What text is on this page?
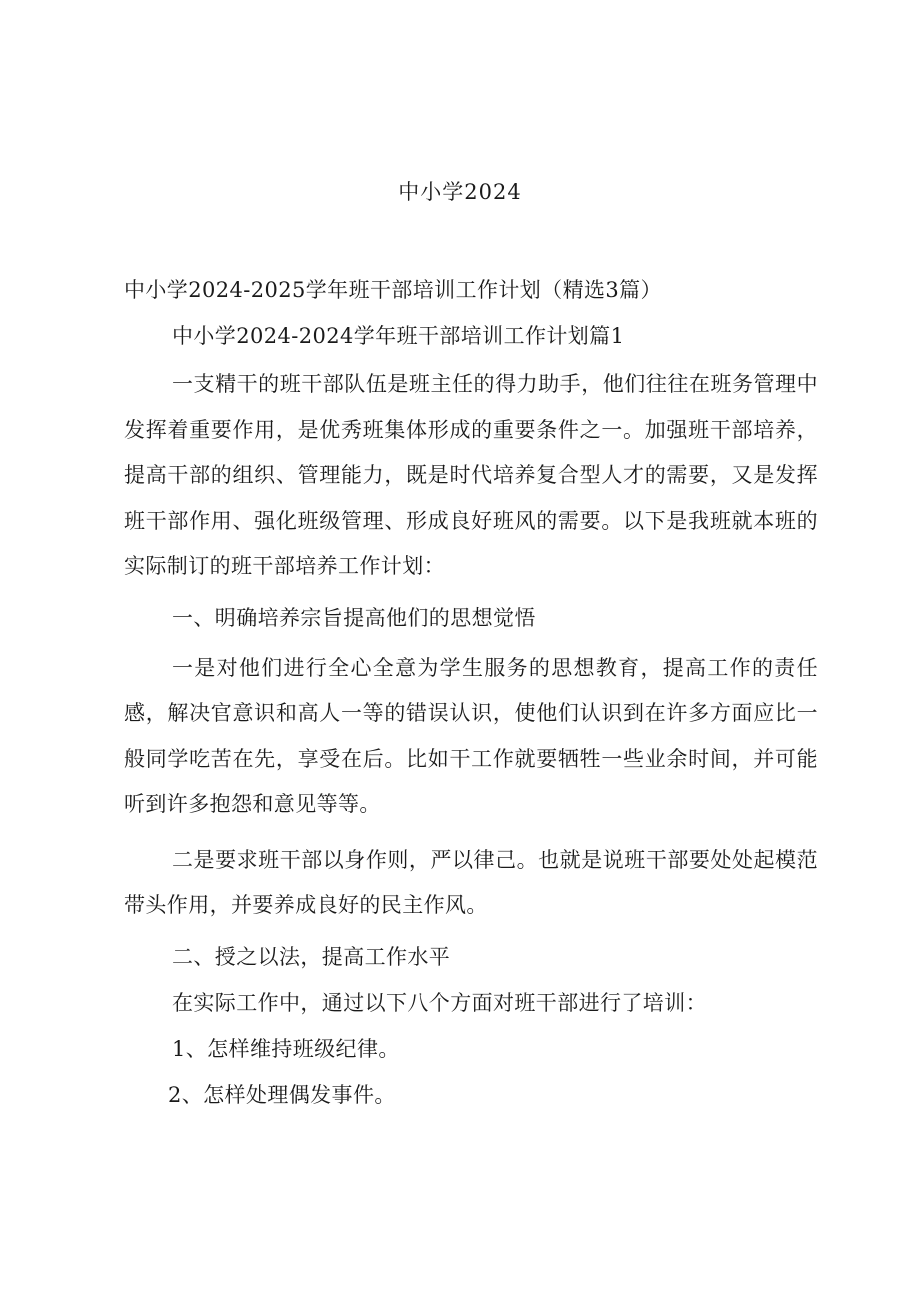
中小学2024
中小学2024-2025学年班干部培训工作计划（精选3篇）
中小学2024-2024学年班干部培训工作计划篇1
一支精干的班干部队伍是班主任的得力助手，他们往往在班务管理中发挥着重要作用，是优秀班集体形成的重要条件之一。加强班干部培养，提高干部的组织、管理能力，既是时代培养复合型人才的需要，又是发挥班干部作用、强化班级管理、形成良好班风的需要。以下是我班就本班的实际制订的班干部培养工作计划：
一、明确培养宗旨提高他们的思想觉悟
一是对他们进行全心全意为学生服务的思想教育，提高工作的责任感，解决官意识和高人一等的错误认识，使他们认识到在许多方面应比一般同学吃苦在先，享受在后。比如干工作就要牺牲一些业余时间，并可能听到许多抱怨和意见等等。
二是要求班干部以身作则，严以律己。也就是说班干部要处处起模范带头作用，并要养成良好的民主作风。
二、授之以法，提高工作水平
在实际工作中，通过以下八个方面对班干部进行了培训：
1、怎样维持班级纪律。
2、怎样处理偶发事件。
